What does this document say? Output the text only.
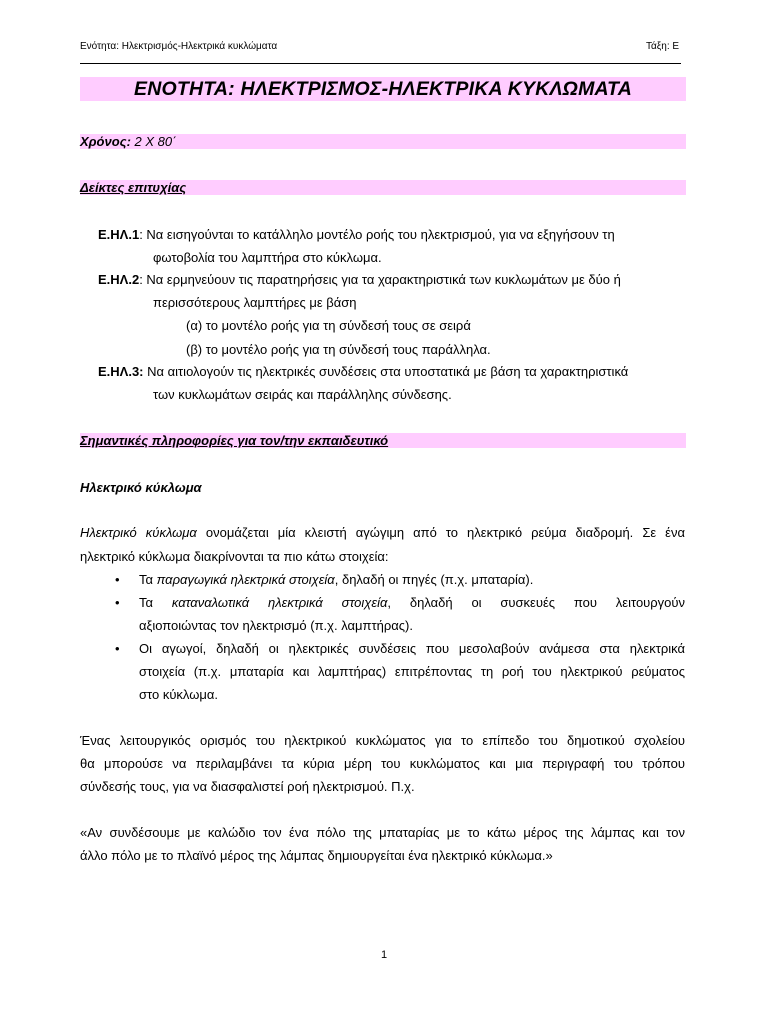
Ενότητα: Ηλεκτρισμός-Ηλεκτρικά κυκλώματα	Τάξη: Ε
ΕΝΟΤΗΤΑ: ΗΛΕΚΤΡΙΣΜΟΣ-ΗΛΕΚΤΡΙΚΑ ΚΥΚΛΩΜΑΤΑ
Χρόνος: 2 Χ 80΄
Δείκτες επιτυχίας
Ε.ΗΛ.1: Να εισηγούνται το κατάλληλο μοντέλο ροής του ηλεκτρισμού, για να εξηγήσουν τη
φωτοβολία του λαμπτήρα στο κύκλωμα.
Ε.ΗΛ.2: Να ερμηνεύουν τις παρατηρήσεις για τα χαρακτηριστικά των κυκλωμάτων με δύο ή
περισσότερους λαμπτήρες με βάση
(α) το μοντέλο ροής για τη σύνδεσή τους σε σειρά
(β) το μοντέλο ροής για τη σύνδεσή τους παράλληλα.
Ε.ΗΛ.3: Να αιτιολογούν τις ηλεκτρικές συνδέσεις στα υποστατικά με βάση τα χαρακτηριστικά
των κυκλωμάτων σειράς και παράλληλης σύνδεσης.
Σημαντικές πληροφορίες για τον/την εκπαιδευτικό
Ηλεκτρικό κύκλωμα
Ηλεκτρικό κύκλωμα ονομάζεται μία κλειστή αγώγιμη από το ηλεκτρικό ρεύμα διαδρομή. Σε ένα
ηλεκτρικό κύκλωμα διακρίνονται τα πιο κάτω στοιχεία:
• Τα παραγωγικά ηλεκτρικά στοιχεία, δηλαδή οι πηγές (π.χ. μπαταρία).
• Τα καταναλωτικά ηλεκτρικά στοιχεία, δηλαδή οι συσκευές που λειτουργούν
αξιοποιώντας τον ηλεκτρισμό (π.χ. λαμπτήρας).
• Οι αγωγοί, δηλαδή οι ηλεκτρικές συνδέσεις που μεσολαβούν ανάμεσα στα ηλεκτρικά
στοιχεία (π.χ. μπαταρία και λαμπτήρας) επιτρέποντας τη ροή του ηλεκτρικού ρεύματος
στο κύκλωμα.
Ένας λειτουργικός ορισμός του ηλεκτρικού κυκλώματος για το επίπεδο του δημοτικού σχολείου
θα μπορούσε να περιλαμβάνει τα κύρια μέρη του κυκλώματος και μια περιγραφή του τρόπου
σύνδεσής τους, για να διασφαλιστεί ροή ηλεκτρισμού. Π.χ.
«Αν συνδέσουμε με καλώδιο τον ένα πόλο της μπαταρίας με το κάτω μέρος της λάμπας και τον
άλλο πόλο με το πλαϊνό μέρος της λάμπας δημιουργείται ένα ηλεκτρικό κύκλωμα.»
1
